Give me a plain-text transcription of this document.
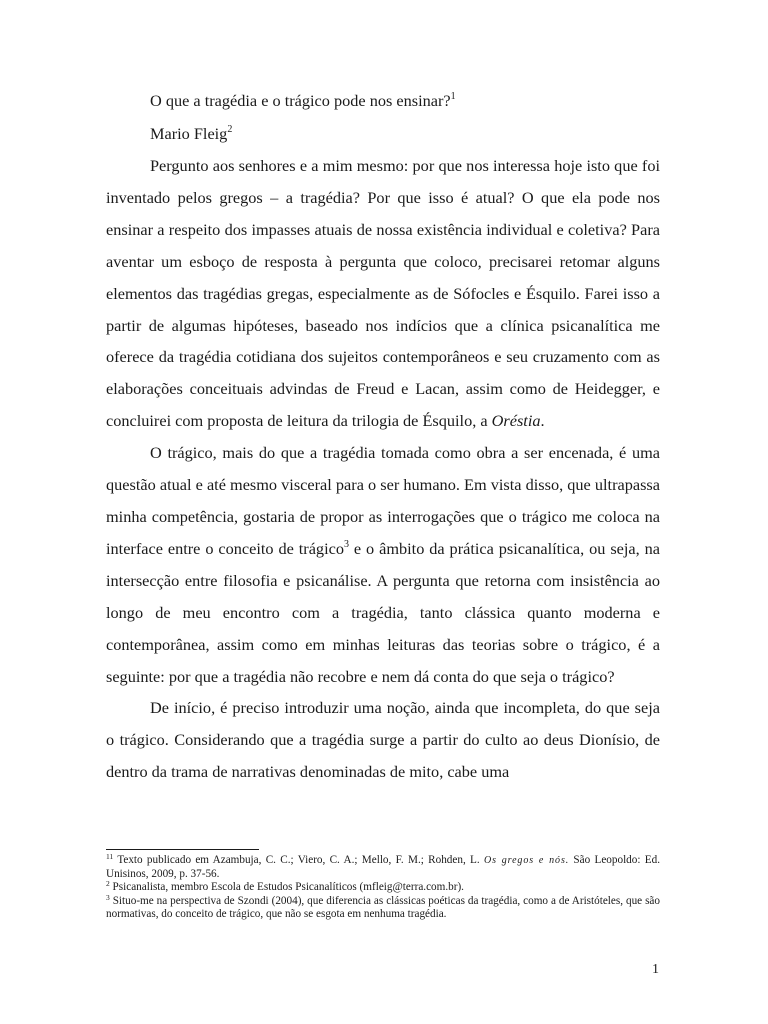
O que a tragédia e o trágico pode nos ensinar?$^1$
Mario Fleig$^2$

Pergunto aos senhores e a mim mesmo: por que nos interessa hoje isto que foi inventado pelos gregos – a tragédia? Por que isso é atual? O que ela pode nos ensinar a respeito dos impasses atuais de nossa existência individual e coletiva? Para aventar um esboço de resposta à pergunta que coloco, precisarei retomar alguns elementos das tragédias gregas, especialmente as de Sófocles e Ésquilo. Farei isso a partir de algumas hipóteses, baseado nos indícios que a clínica psicanalítica me oferece da tragédia cotidiana dos sujeitos contemporâneos e seu cruzamento com as elaborações conceituais advindas de Freud e Lacan, assim como de Heidegger, e concluirei com proposta de leitura da trilogia de Ésquilo, a Oréstia.

O trágico, mais do que a tragédia tomada como obra a ser encenada, é uma questão atual e até mesmo visceral para o ser humano. Em vista disso, que ultrapassa minha competência, gostaria de propor as interrogações que o trágico me coloca na interface entre o conceito de trágico$^3$ e o âmbito da prática psicanalítica, ou seja, na intersecção entre filosofia e psicanálise. A pergunta que retorna com insistência ao longo de meu encontro com a tragédia, tanto clássica quanto moderna e contemporânea, assim como em minhas leituras das teorias sobre o trágico, é a seguinte: por que a tragédia não recobre e nem dá conta do que seja o trágico?

De início, é preciso introduzir uma noção, ainda que incompleta, do que seja o trágico. Considerando que a tragédia surge a partir do culto ao deus Dionísio, de dentro da trama de narrativas denominadas de mito, cabe uma

$^{11}$ Texto publicado em Azambuja, C. C.; Viero, C. A.; Mello, F. M.; Rohden, L. Os gregos e nós. São Leopoldo: Ed. Unisinos, 2009, p. 37-56.

$^2$ Psicanalista, membro Escola de Estudos Psicanalíticos (mfleig@terra.com.br).

$^3$ Situo-me na perspectiva de Szondi (2004), que diferencia as clássicas poéticas da tragédia, como a de Aristóteles, que são normativas, do conceito de trágico, que não se esgota em nenhuma tragédia.

1
